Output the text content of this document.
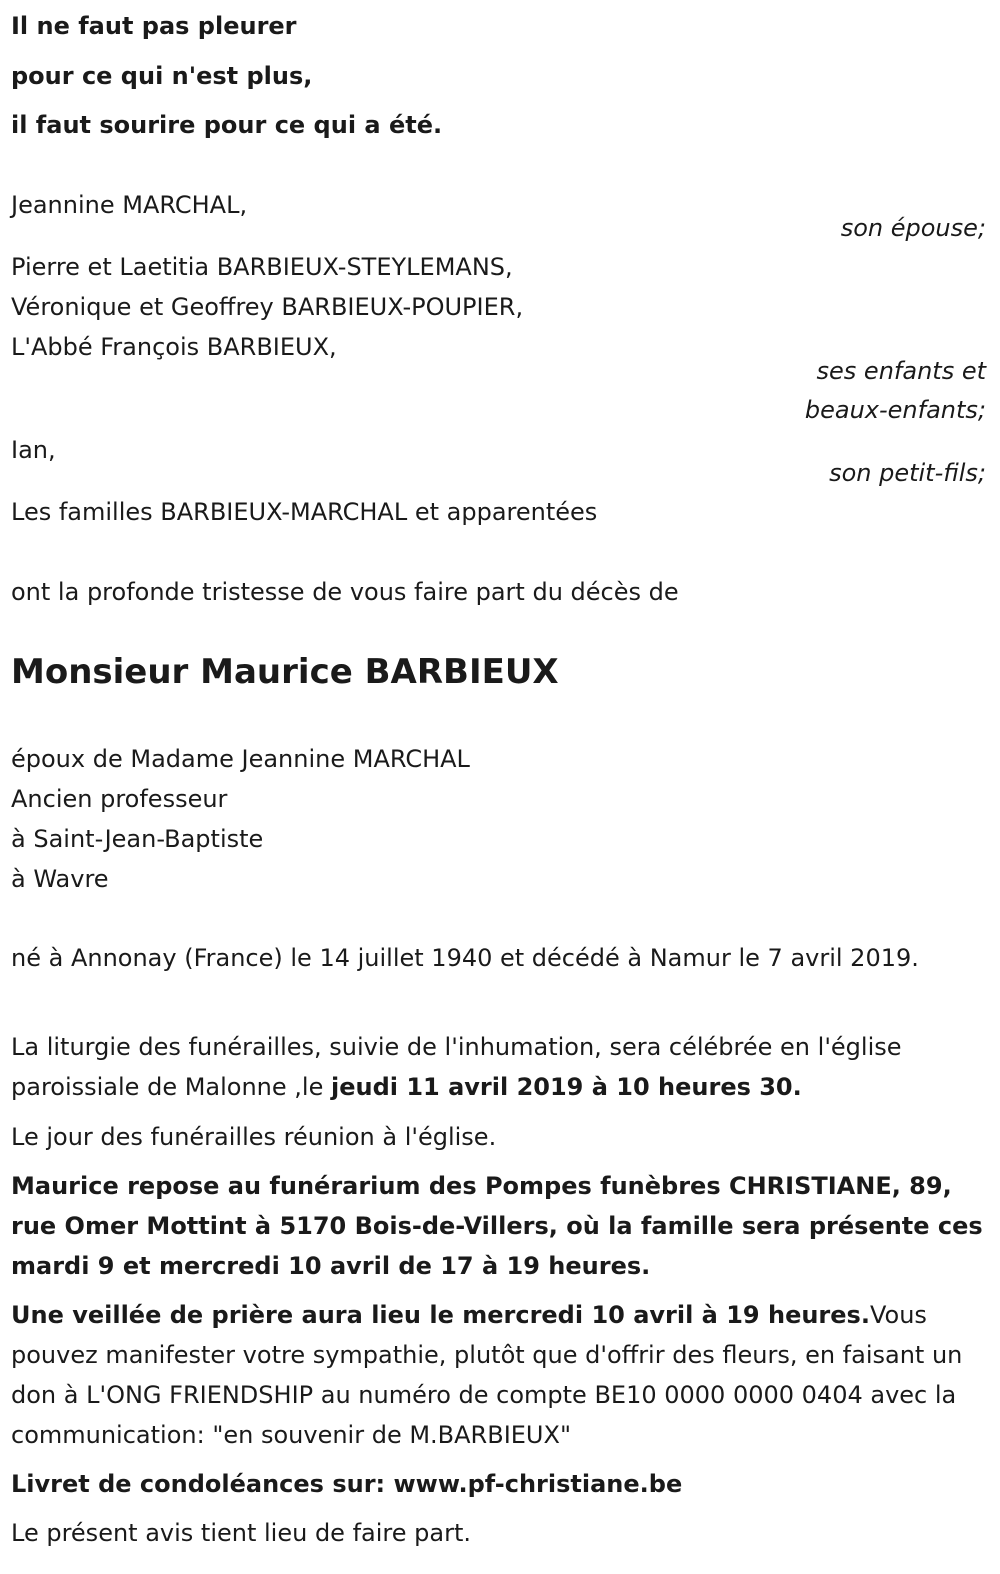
Il ne faut pas pleurer
pour ce qui n'est plus,
il faut sourire pour ce qui a été.
Jeannine MARCHAL,
son épouse;
Pierre et Laetitia BARBIEUX-STEYLEMANS,
Véronique et Geoffrey BARBIEUX-POUPIER,
L'Abbé François BARBIEUX,
ses enfants et
beaux-enfants;
Ian,
son petit-fils;
Les familles BARBIEUX-MARCHAL et apparentées
ont la profonde tristesse de vous faire part du décès de
Monsieur Maurice BARBIEUX
époux de Madame Jeannine MARCHAL
Ancien professeur
à Saint-Jean-Baptiste
à Wavre
né à Annonay (France) le 14 juillet 1940 et décédé à Namur le 7 avril 2019.
La liturgie des funérailles, suivie de l'inhumation, sera célébrée en l'église paroissiale de Malonne ,le jeudi 11 avril 2019 à 10 heures 30.
Le jour des funérailles réunion à l'église.
Maurice repose au funérarium des Pompes funèbres CHRISTIANE, 89, rue Omer Mottint à 5170 Bois-de-Villers, où la famille sera présente ces mardi 9 et mercredi 10 avril de 17 à 19 heures.
Une veillée de prière aura lieu le mercredi 10 avril à 19 heures.Vous pouvez manifester votre sympathie, plutôt que d'offrir des fleurs, en faisant un don à L'ONG FRIENDSHIP au numéro de compte BE10 0000 0000 0404 avec la communication: "en souvenir de M.BARBIEUX"
Livret de condoléances sur: www.pf-christiane.be
Le présent avis tient lieu de faire part.
